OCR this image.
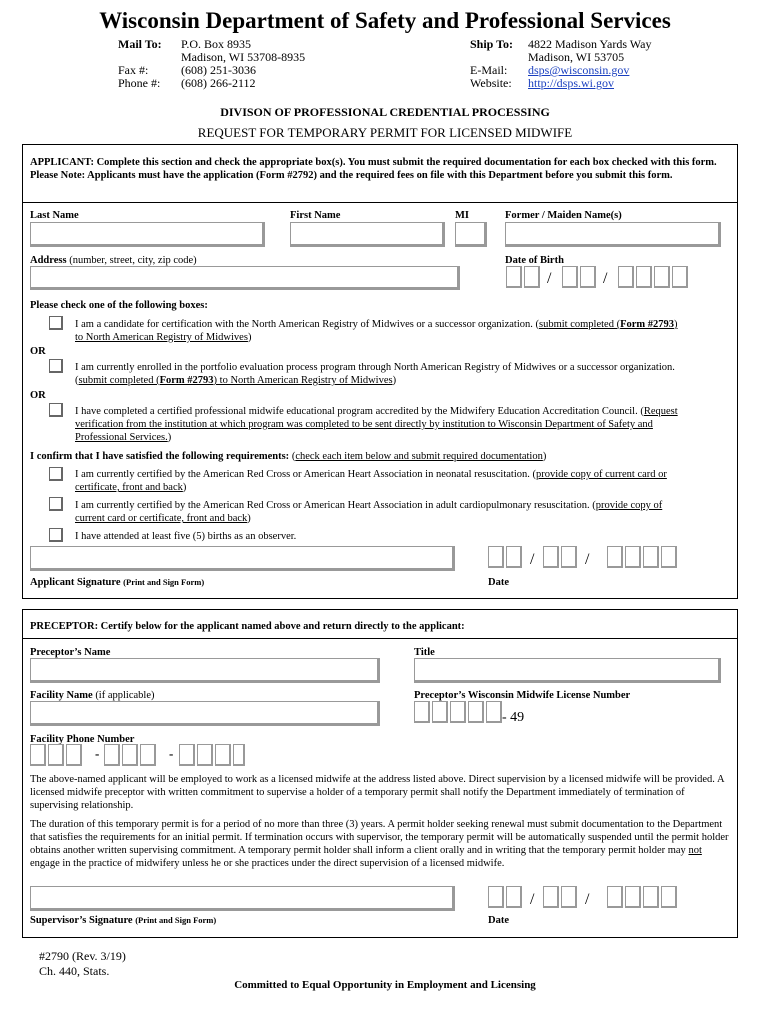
Wisconsin Department of Safety and Professional Services
Mail To: P.O. Box 8935
Madison, WI 53708-8935
Fax #:	(608) 251-3036
Phone #: (608) 266-2112
Ship To: 4822 Madison Yards Way
Madison, WI 53705
E-Mail: dsps@wisconsin.gov
Website: http://dsps.wi.gov
DIVISON OF PROFESSIONAL CREDENTIAL PROCESSING
REQUEST FOR TEMPORARY PERMIT FOR LICENSED MIDWIFE
APPLICANT: Complete this section and check the appropriate box(s). You must submit the required documentation for each box checked with this form. Please Note: Applicants must have the application (Form #2792) and the required fees on file with this Department before you submit this form.
Last Name	First Name	MI	Former / Maiden Name(s)
Address (number, street, city, zip code)	Date of Birth
/	/
Please check one of the following boxes:
I am a candidate for certification with the North American Registry of Midwives or a successor organization. (submit completed (Form #2793)
to North American Registry of Midwives)
OR
I am currently enrolled in the portfolio evaluation process program through North American Registry of Midwives or a successor organization.
(submit completed (Form #2793) to North American Registry of Midwives)
OR
I have completed a certified professional midwife educational program accredited by the Midwifery Education Accreditation Council. (Request
verification from the institution at which program was completed to be sent directly by institution to Wisconsin Department of Safety and
Professional Services.)
I confirm that I have satisfied the following requirements: (check each item below and submit required documentation)
I am currently certified by the American Red Cross or American Heart Association in neonatal resuscitation. (provide copy of current card or
certificate, front and back)
I am currently certified by the American Red Cross or American Heart Association in adult cardiopulmonary resuscitation. (provide copy of
current card or certificate, front and back)
I have attended at least five (5) births as an observer.
/	/
Applicant Signature (Print and Sign Form)	Date
PRECEPTOR: Certify below for the applicant named above and return directly to the applicant:
Preceptor’s Name	Title
Facility Name (if applicable)	Preceptor’s Wisconsin Midwife License Number
- 49
Facility Phone Number
-	-
The above-named applicant will be employed to work as a licensed midwife at the address listed above. Direct supervision by a licensed midwife will be provided. A licensed midwife preceptor with written commitment to supervise a holder of a temporary permit shall notify the Department immediately of termination of supervising relationship.
The duration of this temporary permit is for a period of no more than three (3) years. A permit holder seeking renewal must submit documentation to the Department that satisfies the requirements for an initial permit. If termination occurs with supervisor, the temporary permit will be automatically suspended until the permit holder obtains another written supervising commitment. A temporary permit holder shall inform a client orally and in writing that the temporary permit holder may not engage in the practice of midwifery unless he or she practices under the direct supervision of a licensed midwife.
/	/
Supervisor’s Signature (Print and Sign Form)	Date
#2790 (Rev. 3/19)
Ch. 440, Stats.
Committed to Equal Opportunity in Employment and Licensing
